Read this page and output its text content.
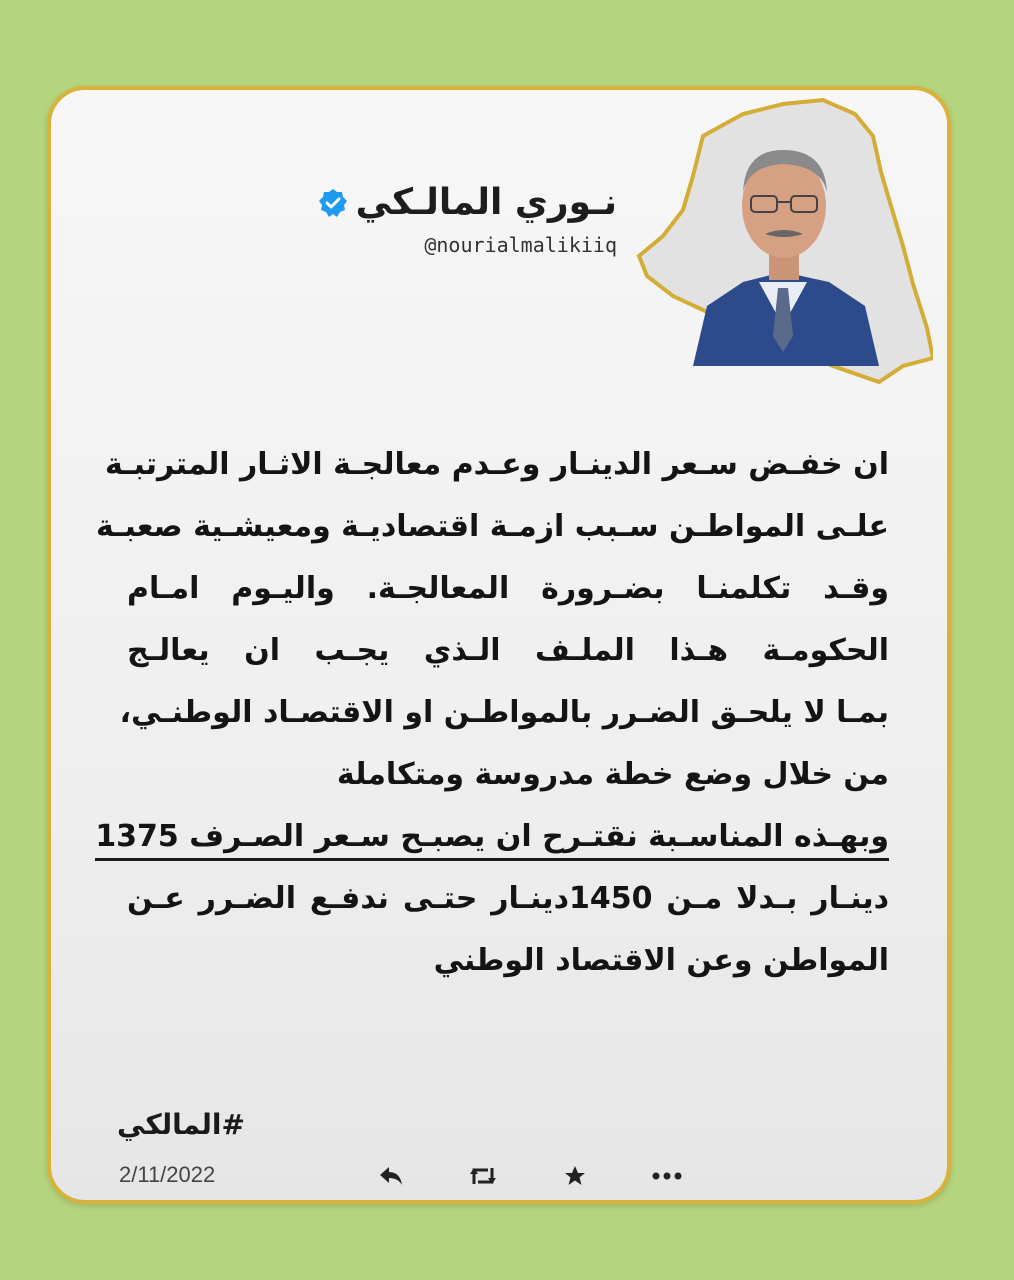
نـوري المالـكي
@nourialmalikiiq
ان خفـض سـعر الدينـار وعـدم معالجـة الاثـار المترتبـة
علـى المواطـن سـبب ازمـة اقتصاديـة ومعيشـية صعبـة
وقـد تكلمنـا بضـرورة المعالجـة. واليـوم امـام
الحكومـة هـذا الملـف الـذي يجـب ان يعالـج
بمـا لا يلحـق الضـرر بالمواطـن او الاقتصـاد الوطنـي،
من خلال وضع خطة مدروسة ومتكاملة
وبهـذه المناسـبة نقتـرح ان يصبـح سـعر الصـرف 1375
دينـار بـدلا مـن 1450دينـار حتـى ندفـع الضـرر عـن
المواطن وعن الاقتصاد الوطني
#المالكي
2/11/2022
